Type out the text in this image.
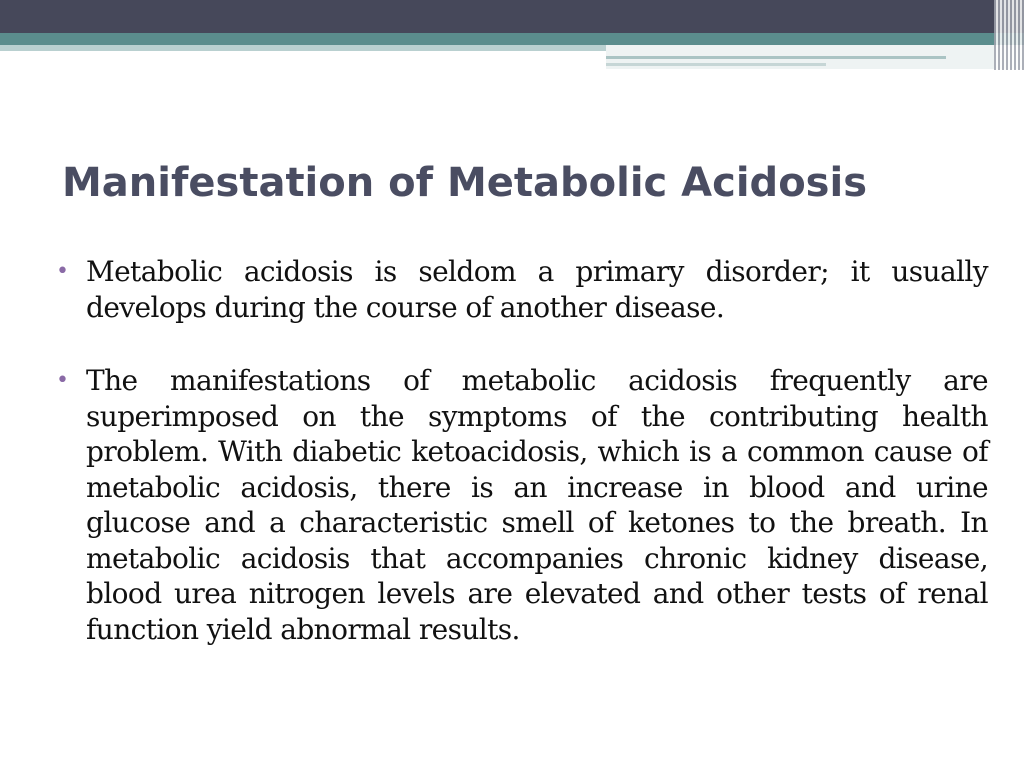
Manifestation of Metabolic Acidosis
• Metabolic acidosis is seldom a primary disorder; it usually develops during the course of another disease.
• The manifestations of metabolic acidosis frequently are superimposed on the symptoms of the contributing health problem. With diabetic ketoacidosis, which is a common cause of metabolic acidosis, there is an increase in blood and urine glucose and a characteristic smell of ketones to the breath. In metabolic acidosis that accompanies chronic kidney disease, blood urea nitrogen levels are elevated and other tests of renal function yield abnormal results.
